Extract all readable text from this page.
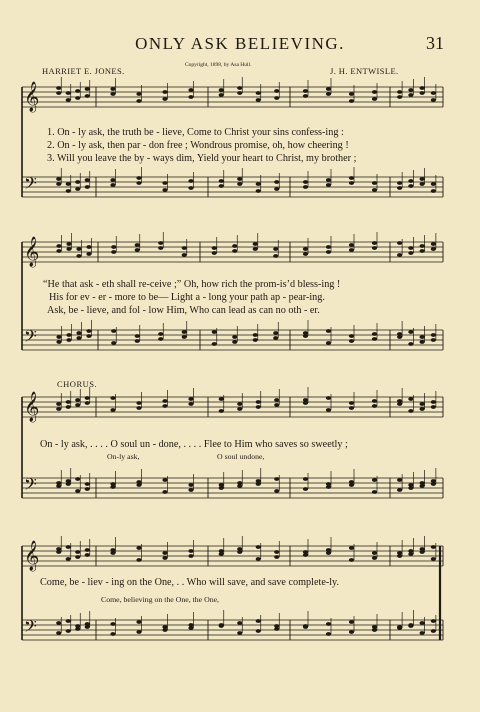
ONLY ASK BELIEVING.	31
Copyright, 1898, by Asa Hull.
HARRIET E. JONES.	J. H. ENTWISLE.
𝄞
𝄢
𝄞
𝄢
𝄞
𝄢
𝄞
𝄢
1. On - ly ask, the truth be - lieve, Come to Christ your sins confess-ing :
2. On - ly ask, then par - don free ; Wondrous promise, oh, how cheering !
3. Will you leave the by - ways dim, Yield your heart to Christ, my brother ;
“He that ask - eth shall re-ceive ;” Oh, how rich the prom-is’d bless-ing !
His for ev - er - more to be— Light a - long your path ap - pear-ing.
Ask, be - lieve, and fol - low Him, Who can lead as can no oth - er.
CHORUS.
On - ly ask, . . . . O soul un - done, . . . . Flee to Him who saves so sweetly ;
On-ly ask,	O soul undone,
Come, be - liev - ing on the One, . . Who will save, and save complete-ly.
Come, believing on the One, the One,
